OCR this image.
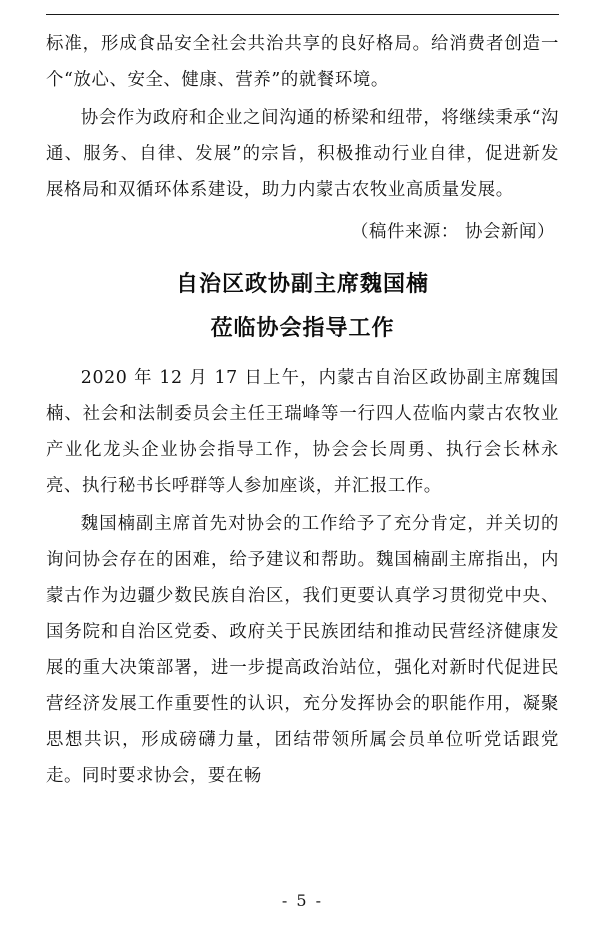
标准，形成食品安全社会共治共享的良好格局。给消费者创造一个“放心、安全、健康、营养”的就餐环境。

协会作为政府和企业之间沟通的桥梁和纽带，将继续秉承“沟通、服务、自律、发展”的宗旨，积极推动行业自律，促进新发展格局和双循环体系建设，助力内蒙古农牧业高质量发展。

（稿件来源： 协会新闻）
自治区政协副主席魏国楠
莅临协会指导工作

2020 年 12 月 17 日上午，内蒙古自治区政协副主席魏国楠、社会和法制委员会主任王瑞峰等一行四人莅临内蒙古农牧业产业化龙头企业协会指导工作，协会会长周勇、执行会长林永亮、执行秘书长呼群等人参加座谈，并汇报工作。

魏国楠副主席首先对协会的工作给予了充分肯定，并关切的询问协会存在的困难，给予建议和帮助。魏国楠副主席指出，内蒙古作为边疆少数民族自治区，我们更要认真学习贯彻党中央、国务院和自治区党委、政府关于民族团结和推动民营经济健康发展的重大决策部署，进一步提高政治站位，强化对新时代促进民营经济发展工作重要性的认识，充分发挥协会的职能作用，凝聚思想共识，形成磅礴力量，团结带领所属会员单位听党话跟党走。同时要求协会，要在畅

- 5 -
